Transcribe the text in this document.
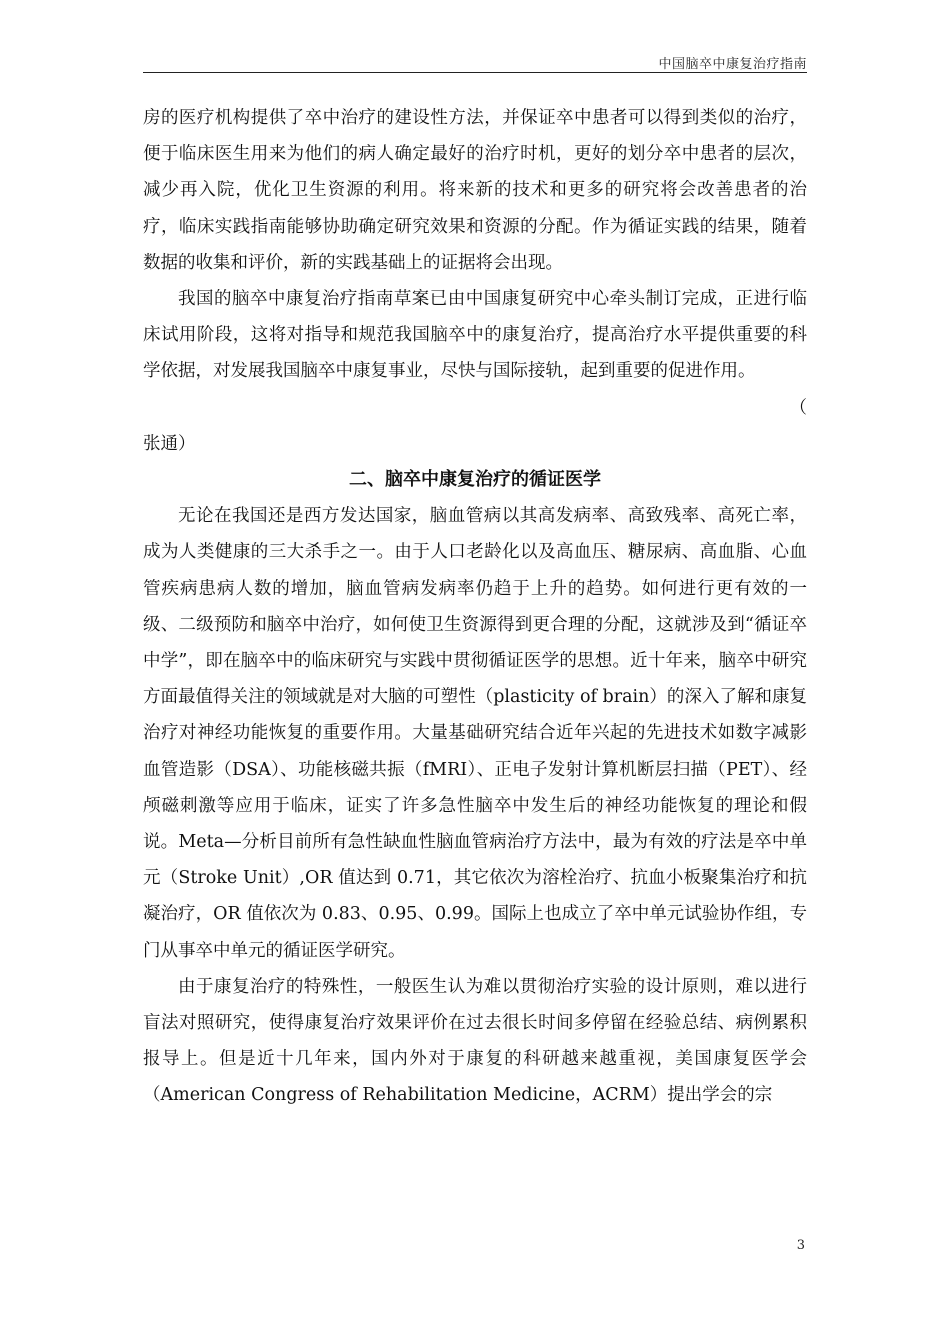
中国脑卒中康复治疗指南

房的医疗机构提供了卒中治疗的建设性方法，并保证卒中患者可以得到类似的治疗，便于临床医生用来为他们的病人确定最好的治疗时机，更好的划分卒中患者的层次，减少再入院，优化卫生资源的利用。将来新的技术和更多的研究将会改善患者的治疗，临床实践指南能够协助确定研究效果和资源的分配。作为循证实践的结果，随着数据的收集和评价，新的实践基础上的证据将会出现。

我国的脑卒中康复治疗指南草案已由中国康复研究中心牵头制订完成，正进行临床试用阶段，这将对指导和规范我国脑卒中的康复治疗，提高治疗水平提供重要的科学依据，对发展我国脑卒中康复事业，尽快与国际接轨，起到重要的促进作用。

（

张通）

二、脑卒中康复治疗的循证医学

无论在我国还是西方发达国家，脑血管病以其高发病率、高致残率、高死亡率，成为人类健康的三大杀手之一。由于人口老龄化以及高血压、糖尿病、高血脂、心血管疾病患病人数的增加，脑血管病发病率仍趋于上升的趋势。如何进行更有效的一级、二级预防和脑卒中治疗，如何使卫生资源得到更合理的分配，这就涉及到“循证卒中学”，即在脑卒中的临床研究与实践中贯彻循证医学的思想。近十年来，脑卒中研究方面最值得关注的领域就是对大脑的可塑性（plasticity of brain）的深入了解和康复治疗对神经功能恢复的重要作用。大量基础研究结合近年兴起的先进技术如数字减影血管造影（DSA）、功能核磁共振（fMRI）、正电子发射计算机断层扫描（PET）、经颅磁刺激等应用于临床，证实了许多急性脑卒中发生后的神经功能恢复的理论和假说。Meta—分析目前所有急性缺血性脑血管病治疗方法中，最为有效的疗法是卒中单元（Stroke Unit）,OR 值达到 0.71，其它依次为溶栓治疗、抗血小板聚集治疗和抗凝治疗，OR 值依次为 0.83、0.95、0.99。国际上也成立了卒中单元试验协作组，专门从事卒中单元的循证医学研究。

由于康复治疗的特殊性，一般医生认为难以贯彻治疗实验的设计原则，难以进行盲法对照研究，使得康复治疗效果评价在过去很长时间多停留在经验总结、病例累积报导上。但是近十几年来，国内外对于康复的科研越来越重视，美国康复医学会（American Congress of Rehabilitation Medicine，ACRM）提出学会的宗

3
